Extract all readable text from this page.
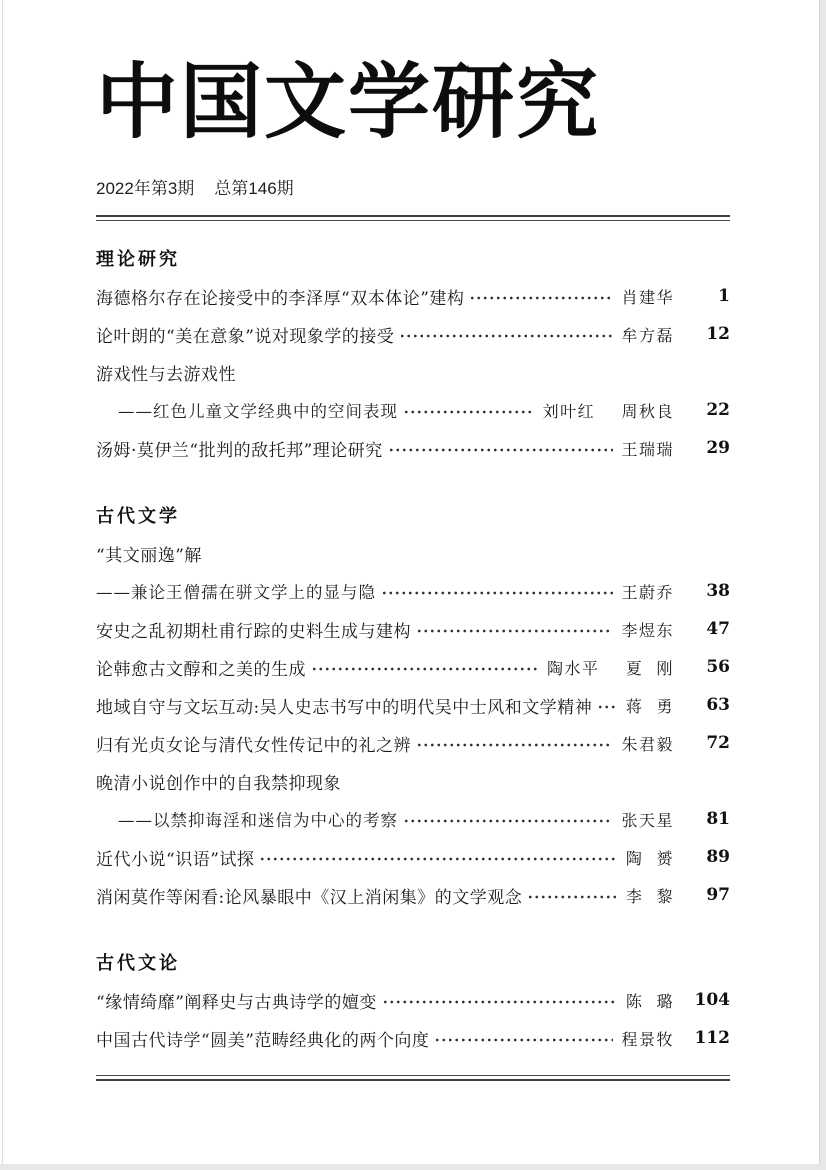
中国文学研究
2022年第3期 总第146期
理论研究
海德格尔存在论接受中的李泽厚“双本体论”建构	肖建华	1
论叶朗的“美在意象”说对现象学的接受	牟方磊	12
游戏性与去游戏性
——红色儿童文学经典中的空间表现	刘叶红    周秋良	22
汤姆·莫伊兰“批判的敌托邦”理论研究	王瑞瑞	29
古代文学
“其文丽逸”解
——兼论王僧孺在骈文学上的显与隐	王蔚乔	38
安史之乱初期杜甫行踪的史料生成与建构	李煜东	47
论韩愈古文醇和之美的生成	陶水平    夏  刚	56
地域自守与文坛互动:吴人史志书写中的明代吴中士风和文学精神 蒋  勇	63
归有光贞女论与清代女性传记中的礼之辨	朱君毅	72
晚清小说创作中的自我禁抑现象
——以禁抑诲淫和迷信为中心的考察	张天星	81
近代小说“识语”试探	陶  赟	89
消闲莫作等闲看:论风暴眼中《汉上消闲集》的文学观念	李  黎	97
古代文论
“缘情绮靡”阐释史与古典诗学的嬗变	陈  璐	104
中国古代诗学“圆美”范畴经典化的两个向度	程景牧	112
